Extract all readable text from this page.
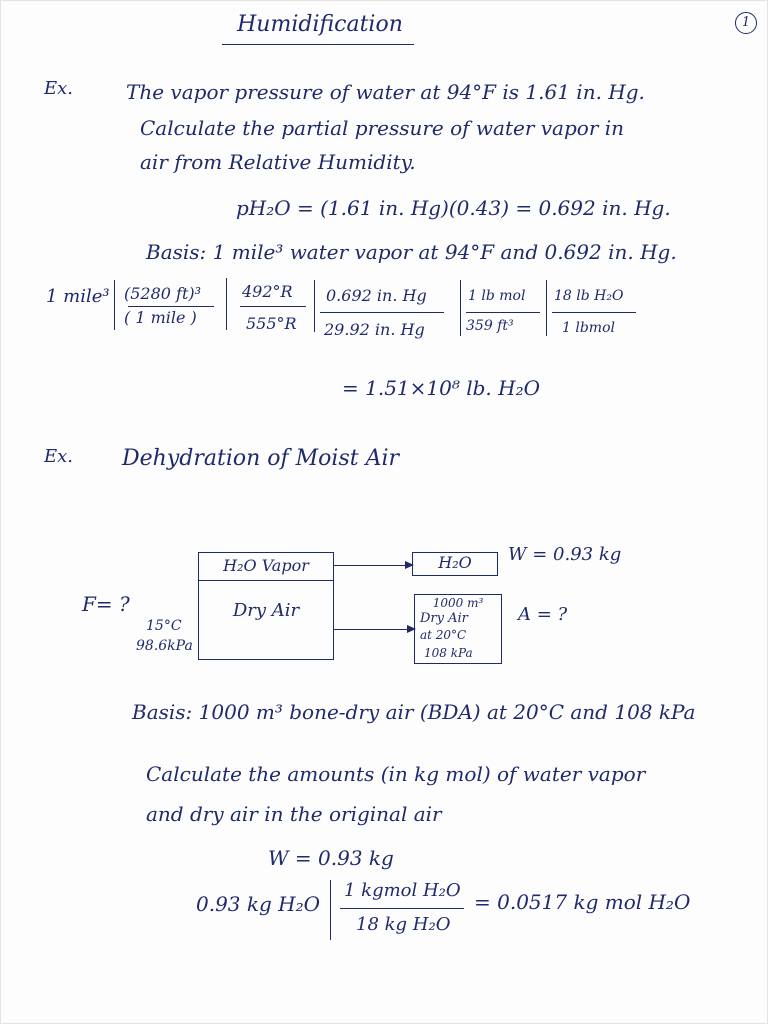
Humidification	1
Ex.	The vapor pressure of water at 94°F is 1.61 in. Hg.
Calculate the partial pressure of water vapor in
air from Relative Humidity.
pH₂O = (1.61 in. Hg)(0.43) = 0.692 in. Hg.
Basis: 1 mile³ water vapor at 94°F and 0.692 in. Hg.
1 mile³ (5280 ft)³
( 1 mile )
492°R
555°R
0.692 in. Hg
29.92 in. Hg
1 lb mol
359 ft³
18 lb H₂O
1 lbmol
= 1.51×10⁸ lb. H₂O
Ex. Dehydration of Moist Air
F= ?
15°C
98.6kPa
H₂O Vapor
Dry Air
H₂O	W = 0.93 kg
1000 m³
Dry Air
at 20°C
108 kPa
A = ?
Basis: 1000 m³ bone-dry air (BDA) at 20°C and 108 kPa
Calculate the amounts (in kg mol) of water vapor
and dry air in the original air
W = 0.93 kg
0.93 kg H₂O
1 kgmol H₂O
18 kg H₂O
= 0.0517 kg mol H₂O
